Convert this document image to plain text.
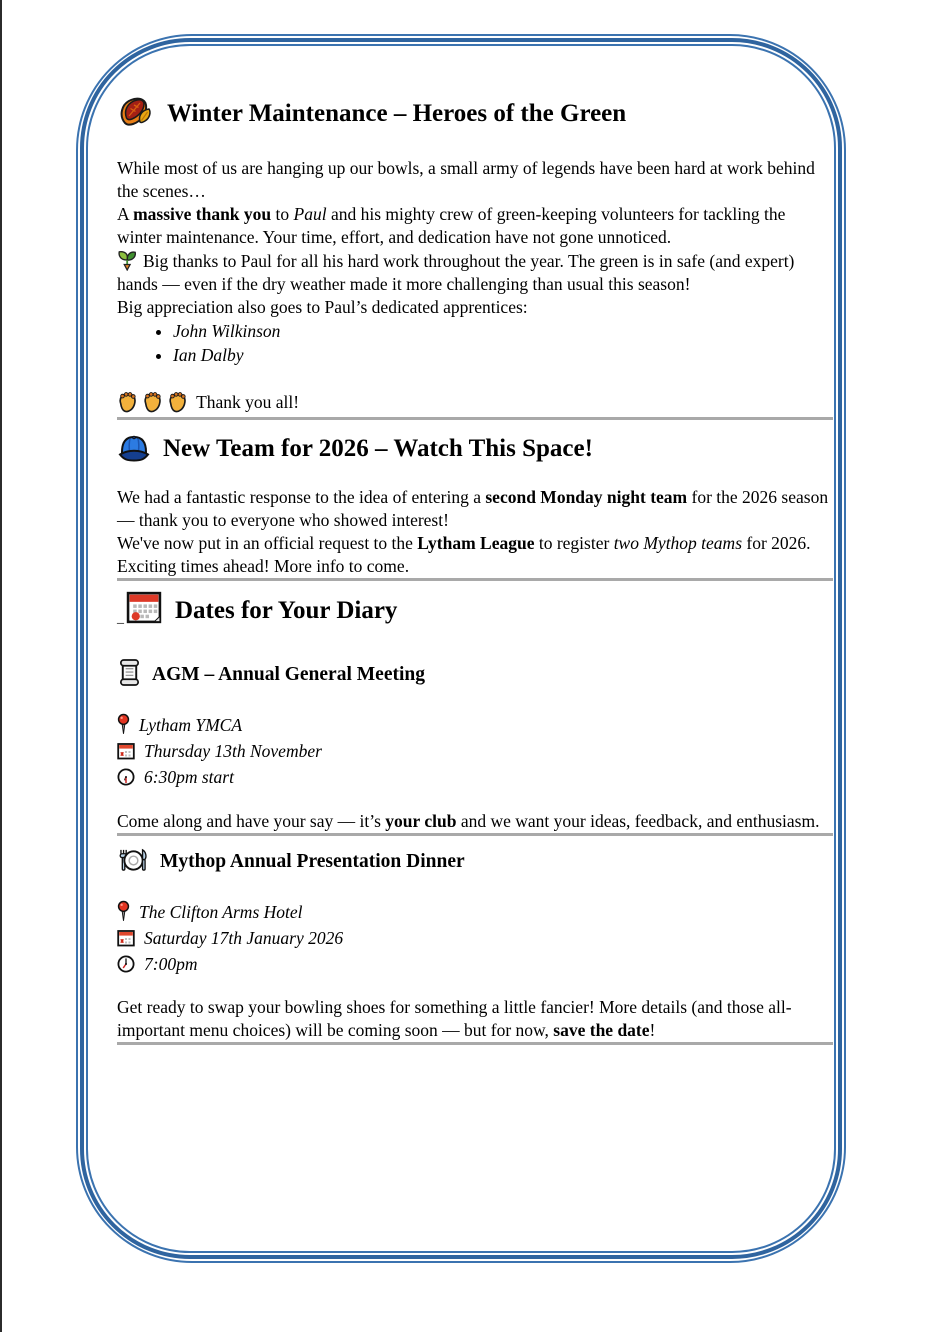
Winter Maintenance – Heroes of the Green

While most of us are hanging up our bowls, a small army of legends have been hard at work behind the scenes…

A massive thank you to Paul and his mighty crew of green-keeping volunteers for tackling the winter maintenance. Your time, effort, and dedication have not gone unnoticed.

Big thanks to Paul for all his hard work throughout the year. The green is in safe (and expert) hands — even if the dry weather made it more challenging than usual this season!

Big appreciation also goes to Paul’s dedicated apprentices:

• John Wilkinson
• Ian Dalby

Thank you all!

New Team for 2026 – Watch This Space!

We had a fantastic response to the idea of entering a second Monday night team for the 2026 season — thank you to everyone who showed interest!

We've now put in an official request to the Lytham League to register two Mythop teams for 2026. Exciting times ahead! More info to come.

_ Dates for Your Diary
AGM – Annual General Meeting

Lytham YMCA

Thursday 13th November

6:30pm start

Come along and have your say — it’s your club and we want your ideas, feedback, and enthusiasm.

Mythop Annual Presentation Dinner

The Clifton Arms Hotel

Saturday 17th January 2026

7:00pm

Get ready to swap your bowling shoes for something a little fancier! More details (and those all-important menu choices) will be coming soon — but for now, save the date!
